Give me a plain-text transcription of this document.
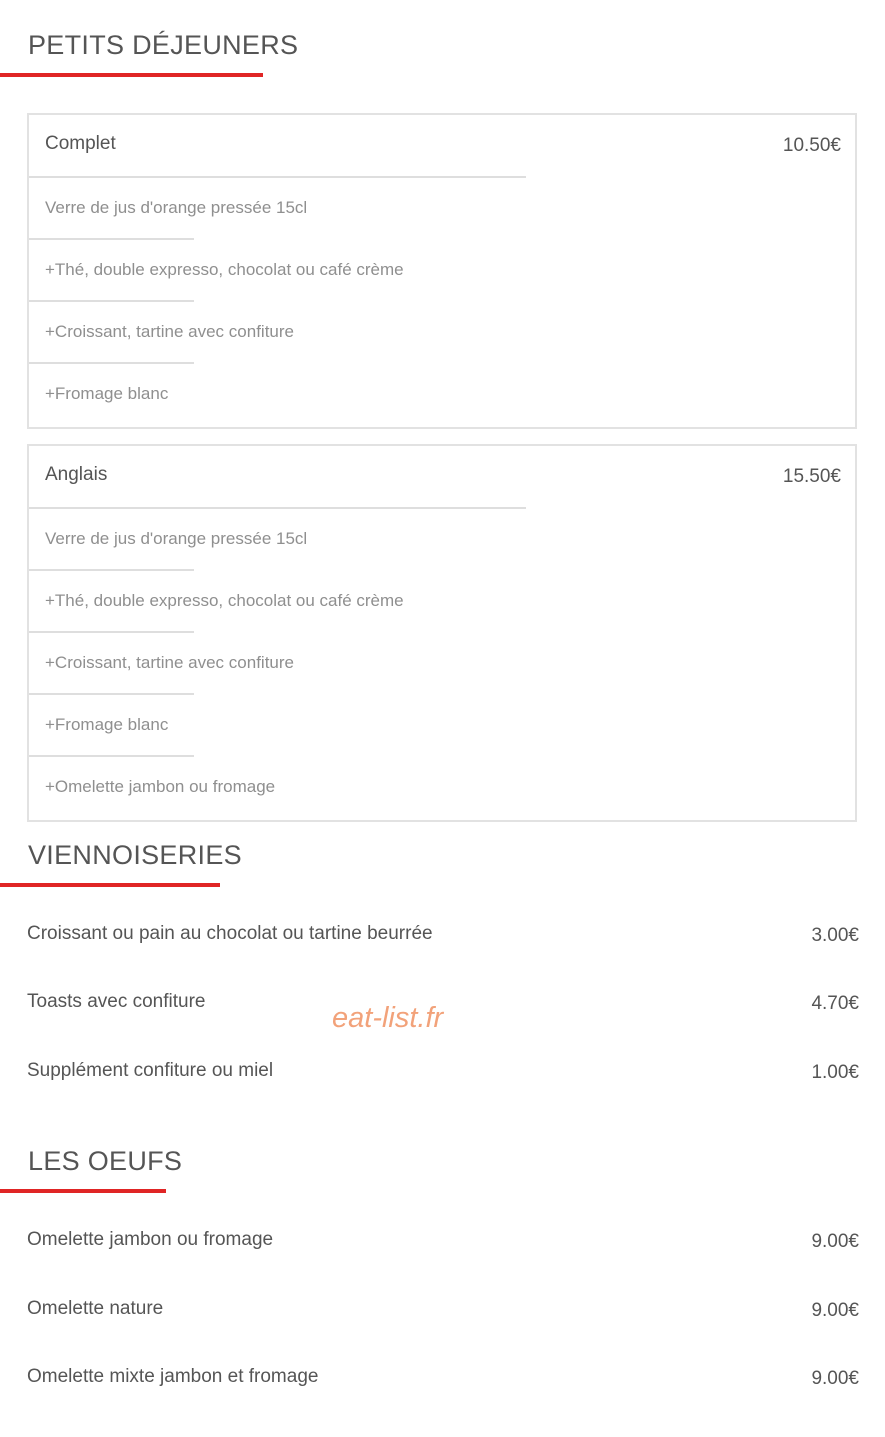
PETITS DÉJEUNERS
Complet	10.50€
Verre de jus d'orange pressée 15cl
+Thé, double expresso, chocolat ou café crème
+Croissant, tartine avec confiture
+Fromage blanc
Anglais	15.50€
Verre de jus d'orange pressée 15cl
+Thé, double expresso, chocolat ou café crème
+Croissant, tartine avec confiture
+Fromage blanc
+Omelette jambon ou fromage
VIENNOISERIES
Croissant ou pain au chocolat ou tartine beurrée	3.00€
Toasts avec confiture	4.70€
Supplément confiture ou miel	1.00€
eat-list.fr
LES OEUFS
Omelette jambon ou fromage	9.00€
Omelette nature	9.00€
Omelette mixte jambon et fromage	9.00€
